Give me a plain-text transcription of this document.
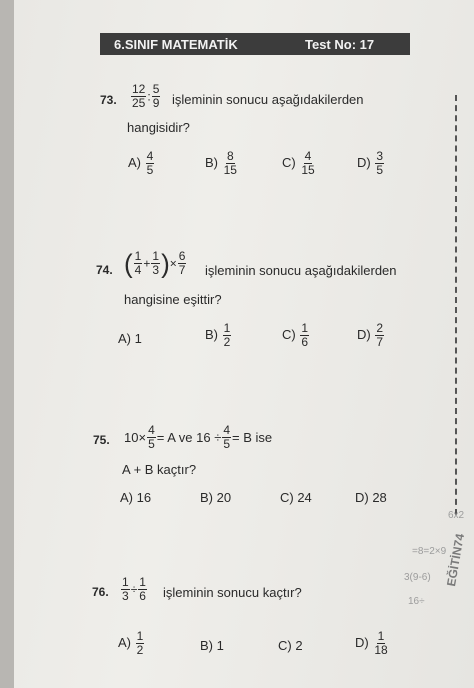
6.SINIF MATEMATİK	Test No: 17
73. $\frac{12}{25}$ : $\frac{5}{9}$ işleminin sonucu aşağıdakilerden
hangisidir?
$A) \frac{4}{5}$	$B) \frac{8}{15}$	$C) \frac{4}{15}$	$D) \frac{3}{5}$
74. ( $\frac{1}{4} + \frac{1}{3}$ )× $\frac{6}{7}$ işleminin sonucu aşağıdakilerden
hangisine eşittir?
A) 1	$B) \frac{1}{2}$	$C) \frac{1}{6}$	$D) \frac{2}{7}$
75. $10\times \frac{4}{5} = A$ ve $16 \div \frac{4}{5} = B$ ise
A + B kaçtır?
A) 16	B) 20	C) 24	D) 28
76. $\frac{1}{3} \div \frac{1}{6}$ işleminin sonucu kaçtır?
$A) \frac{1}{2}$	B) 1	C) 2	$D) \frac{1}{18}$
6x2
=8=2×9
3(9-6)
16÷
EĞİTİN74
